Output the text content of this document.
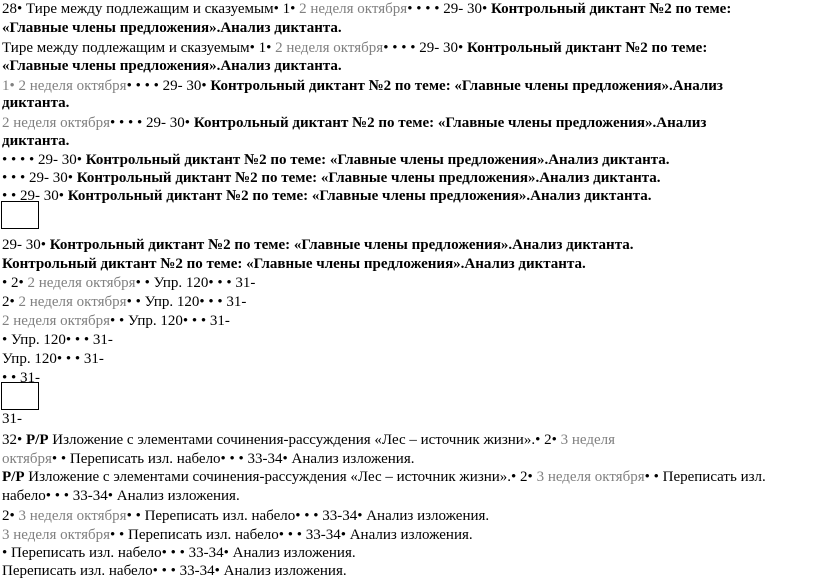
28• Тире между подлежащим и сказуемым• 1• 2 неделя октября• • • • 29- 30• Контрольный диктант №2 по теме:
«Главные члены предложения».Анализ диктанта.
Тире между подлежащим и сказуемым• 1• 2 неделя октября• • • • 29- 30• Контрольный диктант №2 по теме:
«Главные члены предложения».Анализ диктанта.
1• 2 неделя октября• • • • 29- 30• Контрольный диктант №2 по теме: «Главные члены предложения».Анализ
диктанта.
2 неделя октября• • • • 29- 30• Контрольный диктант №2 по теме: «Главные члены предложения».Анализ
диктанта.
• • • • 29- 30• Контрольный диктант №2 по теме: «Главные члены предложения».Анализ диктанта.
• • • 29- 30• Контрольный диктант №2 по теме: «Главные члены предложения».Анализ диктанта.
• • 29- 30• Контрольный диктант №2 по теме: «Главные члены предложения».Анализ диктанта.
29- 30• Контрольный диктант №2 по теме: «Главные члены предложения».Анализ диктанта.
Контрольный диктант №2 по теме: «Главные члены предложения».Анализ диктанта.
• 2• 2 неделя октября• • Упр. 120• • • 31-
2• 2 неделя октября• • Упр. 120• • • 31-
2 неделя октября• • Упр. 120• • • 31-
• Упр. 120• • • 31-
Упр. 120• • • 31-
• • 31-
31-
32• Р/Р Изложение с элементами сочинения-рассуждения «Лес – источник жизни».• 2• 3 неделя
октября• • Переписать изл. набело• • • 33-34• Анализ изложения.
Р/Р Изложение с элементами сочинения-рассуждения «Лес – источник жизни».• 2• 3 неделя октября• • Переписать изл.
набело• • • 33-34• Анализ изложения.
2• 3 неделя октября• • Переписать изл. набело• • • 33-34• Анализ изложения.
3 неделя октября• • Переписать изл. набело• • • 33-34• Анализ изложения.
• Переписать изл. набело• • • 33-34• Анализ изложения.
Переписать изл. набело• • • 33-34• Анализ изложения.
